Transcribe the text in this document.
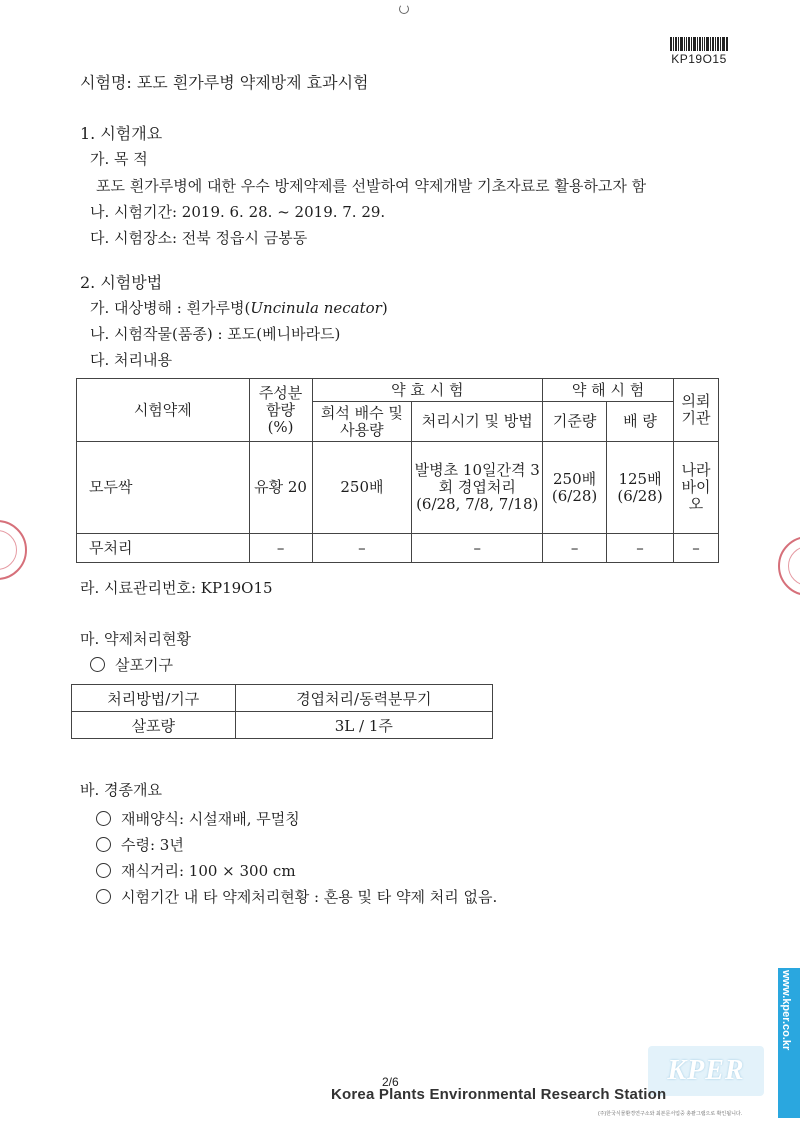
KP19O15
시험명: 포도 흰가루병 약제방제 효과시험
1. 시험개요
가. 목 적
포도 흰가루병에 대한 우수 방제약제를 선발하여 약제개발 기초자료로 활용하고자 함
나. 시험기간: 2019. 6. 28. ~ 2019. 7. 29.
다. 시험장소: 전북 정읍시 금봉동
2. 시험방법
가. 대상병해 : 흰가루병(Uncinula necator)
나. 시험작물(품종) : 포도(베니바라드)
다. 처리내용
시험약제	주성분 함량 (%)	약 효 시 험		약 해 시 험		의뢰 기관
		희석 배수 및 사용량	처리시기 및 방법	기준량	배 량	
모두싹	유황 20	250배	발병초 10일간격 3회 경엽처리 (6/28, 7/8, 7/18)	250배 (6/28)	125배 (6/28)	나라 바이 오
무처리	–	–	–	–	–	–
라. 시료관리번호: KP19O15
마. 약제처리현황
살포기구
처리방법/기구	경엽처리/동력분무기
살포량	3L / 1주
바. 경종개요
재배양식: 시설재배, 무멀칭
수령: 3년
재식거리: 100 × 300 cm
시험기간 내 타 약제처리현황 : 혼용 및 타 약제 처리 없음.
KPER
www.kper.co.kr
2/6
Korea Plants Environmental Research Station
(주)한국식물환경연구소와 최본문서업중 총괄그램으로 확인됩니다.
